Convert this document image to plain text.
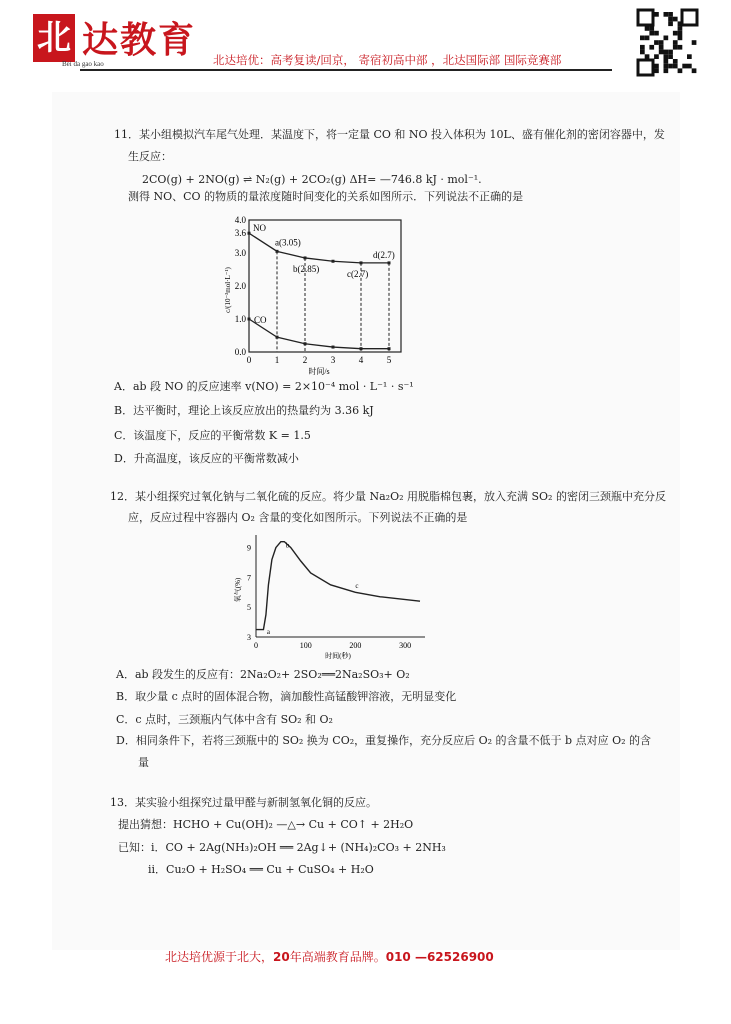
北 达教育
Bei da gao kao	北达培优：高考复读/回京， 寄宿初高中部 ，北达国际部 国际竞赛部
11．某小组模拟汽车尾气处理．某温度下，将一定量 CO 和 NO 投入体积为 10L、盛有催化剂的密闭容器中，发
生反应：
2CO(g) + 2NO(g) ⇌ N₂(g) + 2CO₂(g) ΔH= —746.8 kJ · mol⁻¹.
测得 NO、CO 的物质的量浓度随时间变化的关系如图所示．下列说法不正确的是
0.0
1.0
2.0
3.0
3.6
4.0
0	1	2	3	4	5
时间/s
c/(10⁻³mol·L⁻¹)
NO
CO
a(3.05)
b(2.85)	c(2.7)
d(2.7)
A．ab 段 NO 的反应速率 v(NO) = 2×10⁻⁴ mol · L⁻¹ · s⁻¹
B．达平衡时，理论上该反应放出的热量约为 3.36 kJ
C．该温度下，反应的平衡常数 K = 1.5
D．升高温度，该反应的平衡常数减小
12．某小组探究过氧化钠与二氧化硫的反应。将少量 Na₂O₂ 用脱脂棉包裹，放入充满 SO₂ 的密闭三颈瓶中充分反
应，反应过程中容器内 O₂ 含量的变化如图所示。下列说法不正确的是
0	100	200	300
3
5
7
9
时间(秒)
氧气(%)
a
b
c
A．ab 段发生的反应有：2Na₂O₂+ 2SO₂══2Na₂SO₃+ O₂
B．取少量 c 点时的固体混合物，滴加酸性高锰酸钾溶液，无明显变化
C．c 点时，三颈瓶内气体中含有 SO₂ 和 O₂
D．相同条件下，若将三颈瓶中的 SO₂ 换为 CO₂，重复操作，充分反应后 O₂ 的含量不低于 b 点对应 O₂ 的含
量
13．某实验小组探究过量甲醛与新制氢氧化铜的反应。
提出猜想：HCHO + Cu(OH)₂ —△→ Cu + CO↑ + 2H₂O
已知：i．CO + 2Ag(NH₃)₂OH ══ 2Ag↓+ (NH₄)₂CO₃ + 2NH₃
ii．Cu₂O + H₂SO₄ ══ Cu + CuSO₄ + H₂O
北达培优源于北大，20年高端教育品牌。010 —62526900
